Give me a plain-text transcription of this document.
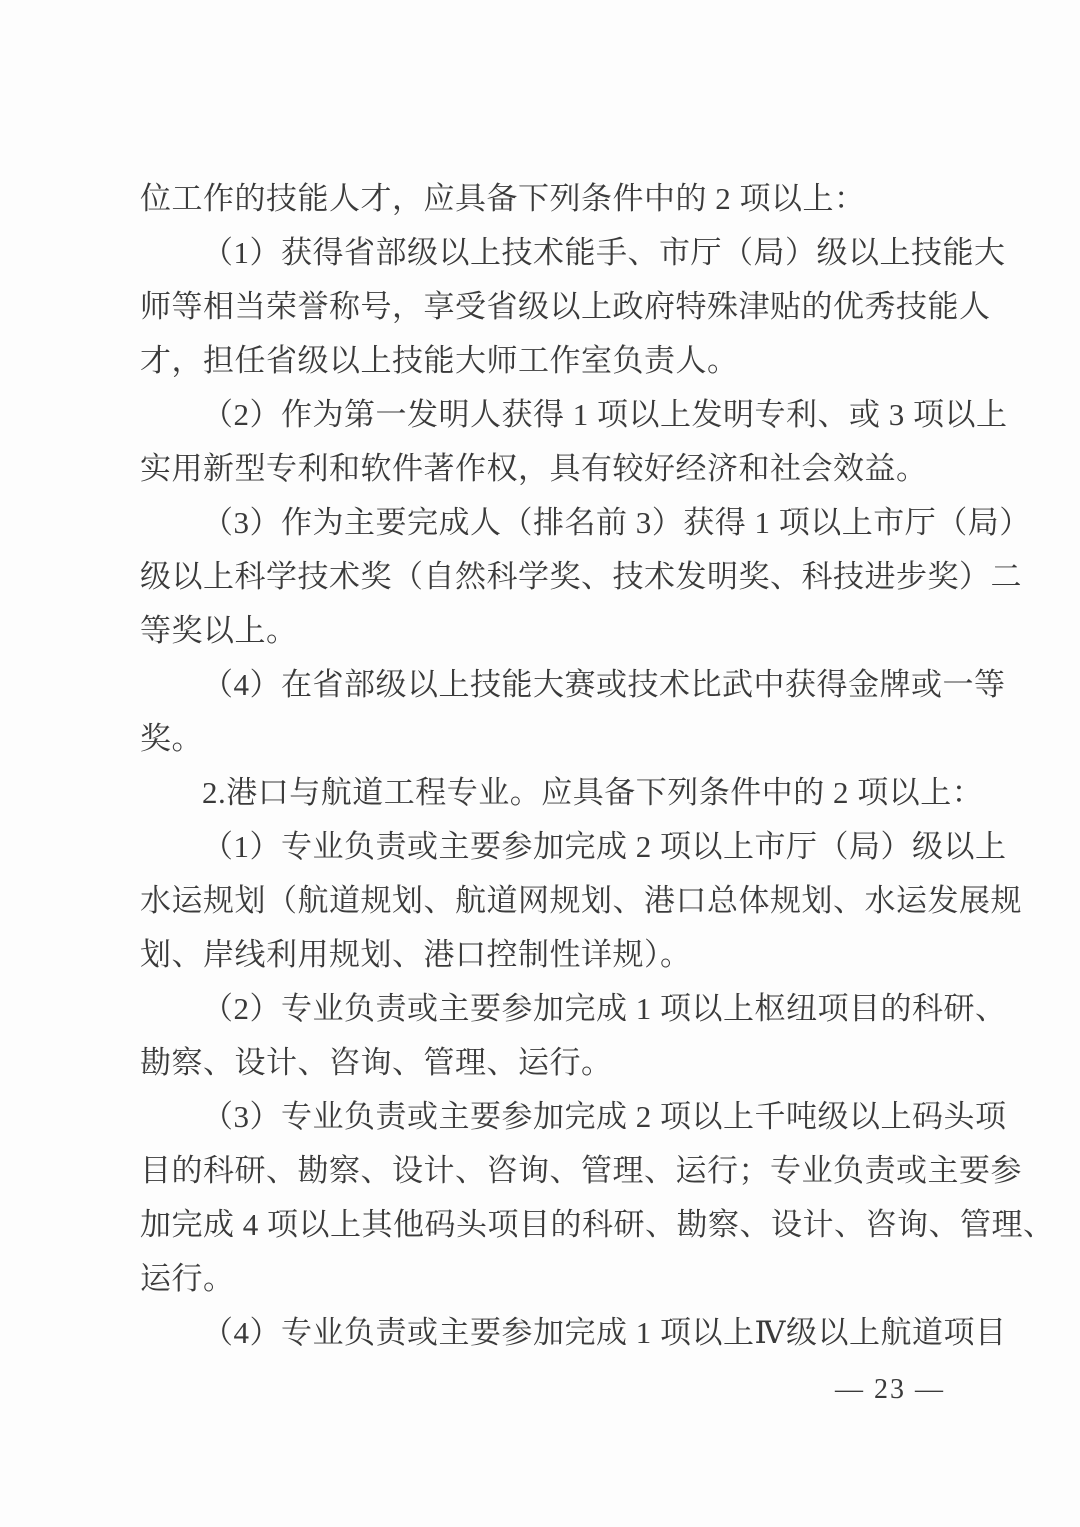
位工作的技能人才，应具备下列条件中的 2 项以上：
（1）获得省部级以上技术能手、市厅（局）级以上技能大
师等相当荣誉称号，享受省级以上政府特殊津贴的优秀技能人
才，担任省级以上技能大师工作室负责人。
（2）作为第一发明人获得 1 项以上发明专利、或 3 项以上
实用新型专利和软件著作权，具有较好经济和社会效益。
（3）作为主要完成人（排名前 3）获得 1 项以上市厅（局）
级以上科学技术奖（自然科学奖、技术发明奖、科技进步奖）二
等奖以上。
（4）在省部级以上技能大赛或技术比武中获得金牌或一等
奖。
2.港口与航道工程专业。应具备下列条件中的 2 项以上：
（1）专业负责或主要参加完成 2 项以上市厅（局）级以上
水运规划（航道规划、航道网规划、港口总体规划、水运发展规
划、岸线利用规划、港口控制性详规）。
（2）专业负责或主要参加完成 1 项以上枢纽项目的科研、
勘察、设计、咨询、管理、运行。
（3）专业负责或主要参加完成 2 项以上千吨级以上码头项
目的科研、勘察、设计、咨询、管理、运行；专业负责或主要参
加完成 4 项以上其他码头项目的科研、勘察、设计、咨询、管理、
运行。
（4）专业负责或主要参加完成 1 项以上Ⅳ级以上航道项目
— 23 —
